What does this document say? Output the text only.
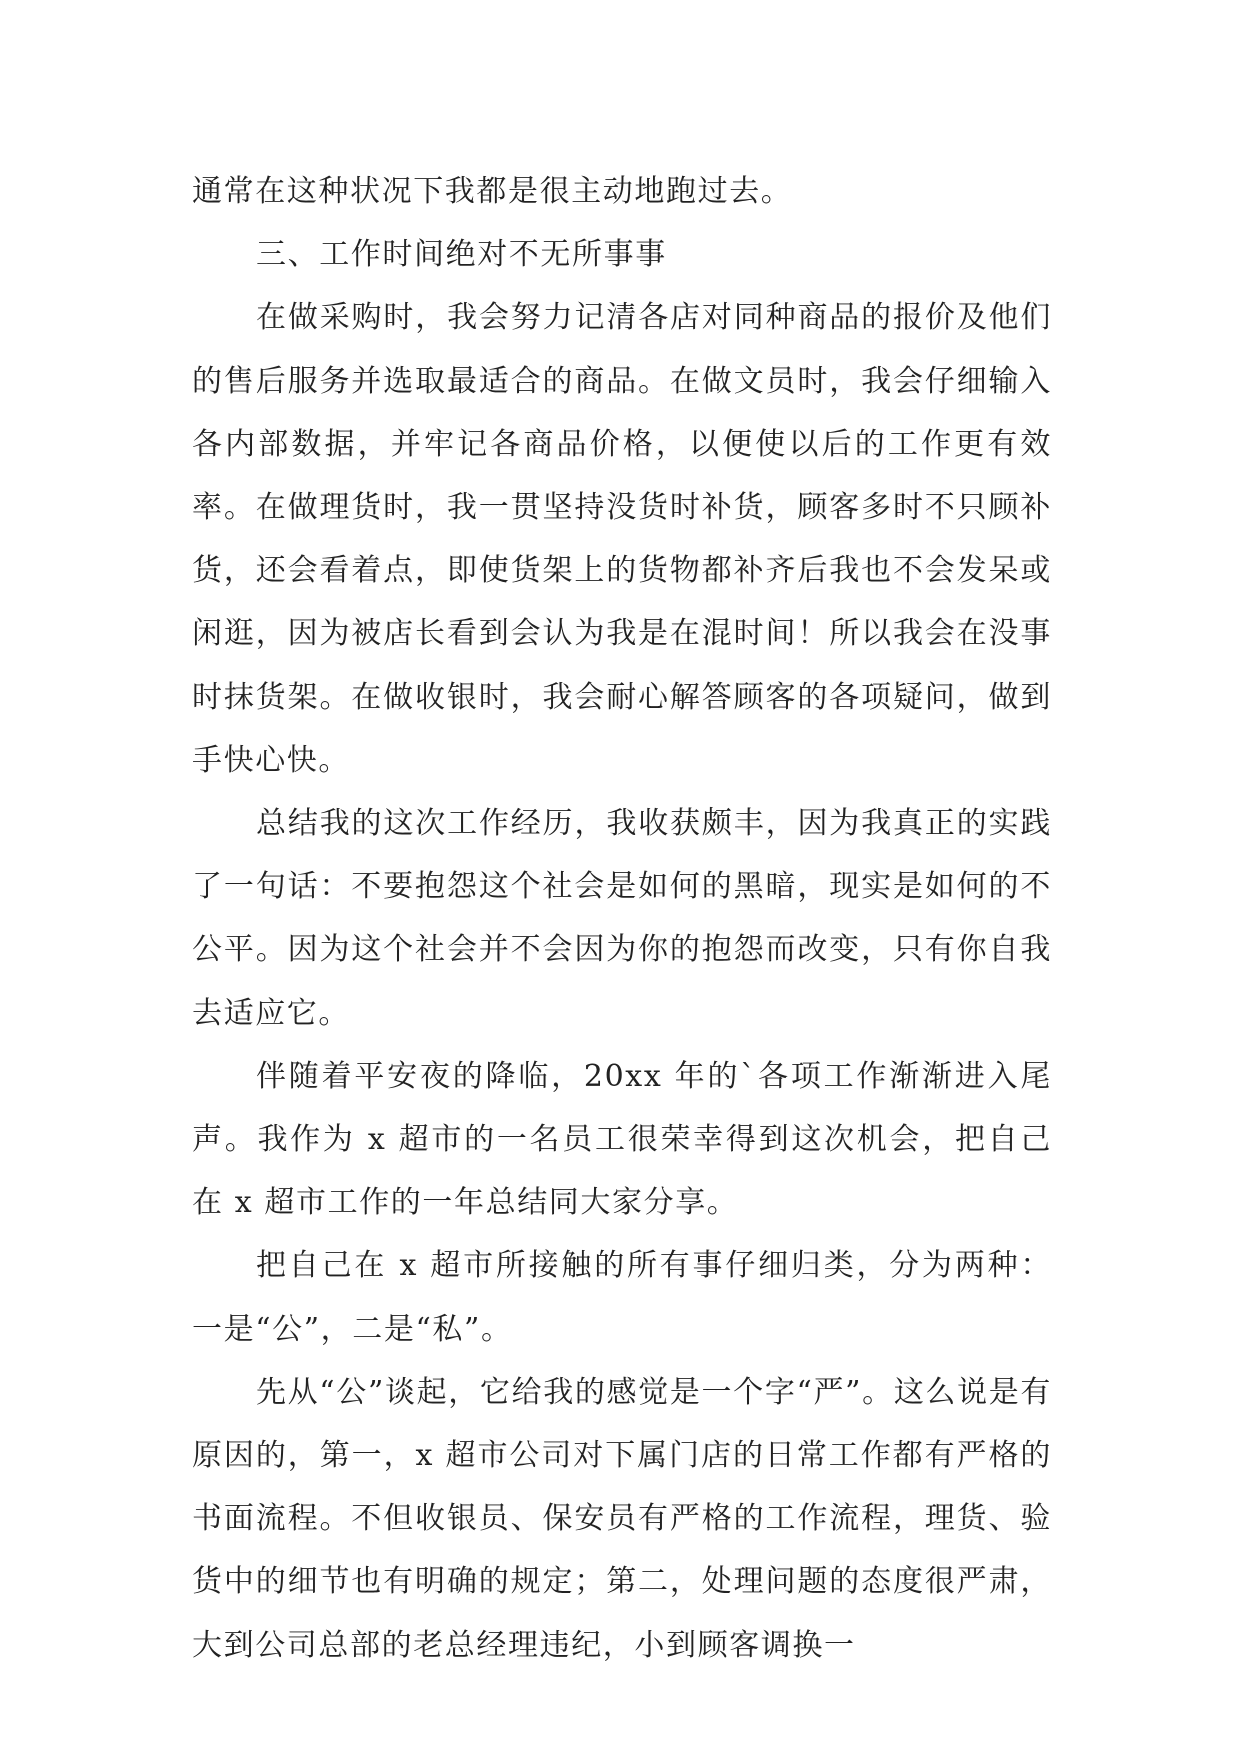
通常在这种状况下我都是很主动地跑过去。

三、工作时间绝对不无所事事

在做采购时，我会努力记清各店对同种商品的报价及他们的售后服务并选取最适合的商品。在做文员时，我会仔细输入各内部数据，并牢记各商品价格，以便使以后的工作更有效率。在做理货时，我一贯坚持没货时补货，顾客多时不只顾补货，还会看着点，即使货架上的货物都补齐后我也不会发呆或闲逛，因为被店长看到会认为我是在混时间！所以我会在没事时抹货架。在做收银时，我会耐心解答顾客的各项疑问，做到手快心快。

总结我的这次工作经历，我收获颇丰，因为我真正的实践了一句话：不要抱怨这个社会是如何的黑暗，现实是如何的不公平。因为这个社会并不会因为你的抱怨而改变，只有你自我去适应它。

伴随着平安夜的降临，20xx 年的`各项工作渐渐进入尾声。我作为 x 超市的一名员工很荣幸得到这次机会，把自己在 x 超市工作的一年总结同大家分享。

把自己在 x 超市所接触的所有事仔细归类，分为两种：一是“公”，二是“私”。

先从“公”谈起，它给我的感觉是一个字“严”。这么说是有原因的，第一，x 超市公司对下属门店的日常工作都有严格的书面流程。不但收银员、保安员有严格的工作流程，理货、验货中的细节也有明确的规定；第二，处理问题的态度很严肃，大到公司总部的老总经理违纪，小到顾客调换一
